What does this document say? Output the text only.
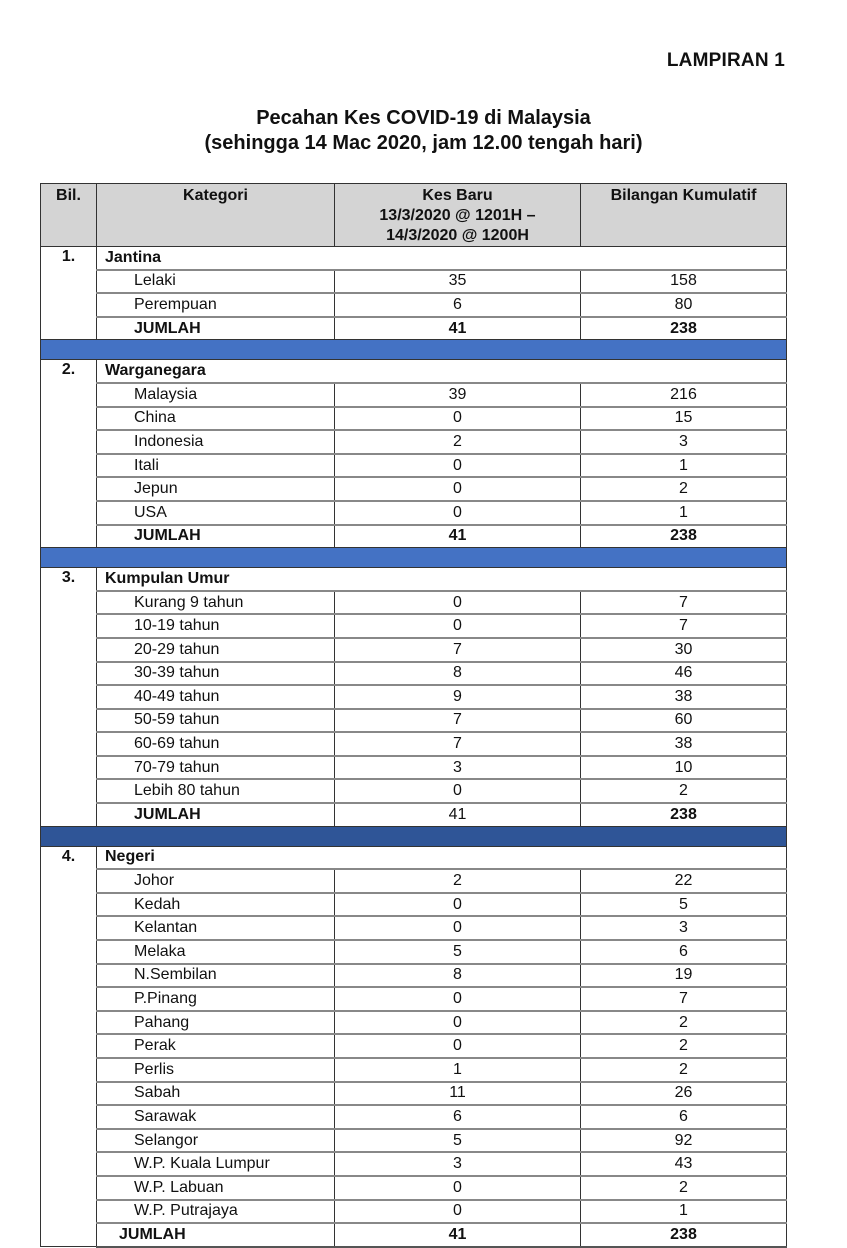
LAMPIRAN 1
Pecahan Kes COVID-19 di Malaysia
(sehingga 14 Mac 2020, jam 12.00 tengah hari)
Bil.	Kategori	Kes Baru
13/3/2020 @ 1201H –
14/3/2020 @ 1200H	Bilangan Kumulatif
1.	Jantina		
	Lelaki	35	158
	Perempuan	6	80
	JUMLAH	41	238

2.	Warganegara		
	Malaysia	39	216
	China	0	15
	Indonesia	2	3
	Itali	0	1
	Jepun	0	2
	USA	0	1
	JUMLAH	41	238

3.	Kumpulan Umur		
	Kurang 9 tahun	0	7
	10-19 tahun	0	7
	20-29 tahun	7	30
	30-39 tahun	8	46
	40-49 tahun	9	38
	50-59 tahun	7	60
	60-69 tahun	7	38
	70-79 tahun	3	10
	Lebih 80 tahun	0	2
	JUMLAH	41	238

4.	Negeri		
	Johor	2	22
	Kedah	0	5
	Kelantan	0	3
	Melaka	5	6
	N.Sembilan	8	19
	P.Pinang	0	7
	Pahang	0	2
	Perak	0	2
	Perlis	1	2
	Sabah	11	26
	Sarawak	6	6
	Selangor	5	92
	W.P. Kuala Lumpur	3	43
	W.P. Labuan	0	2
	W.P. Putrajaya	0	1
	JUMLAH	41	238
